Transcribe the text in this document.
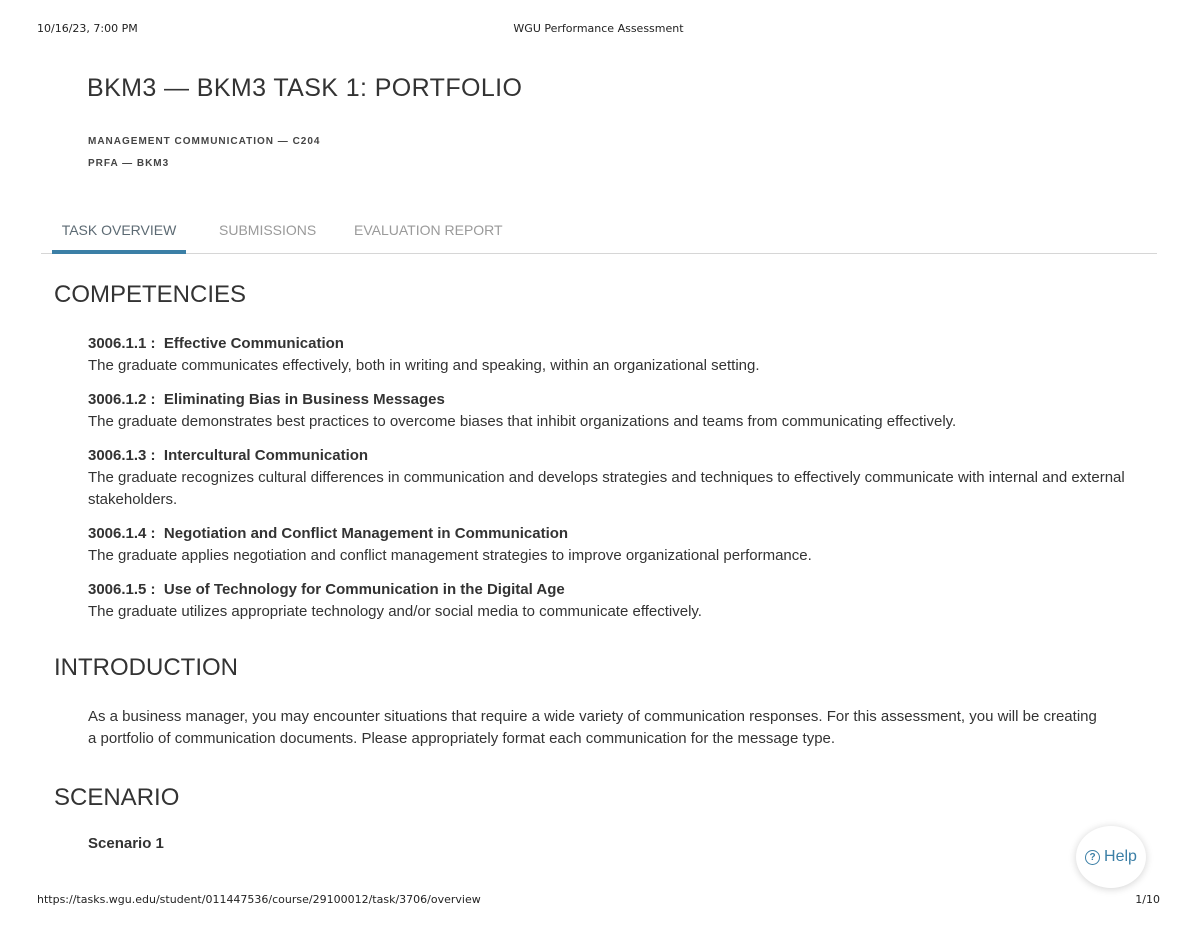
10/16/23, 7:00 PM	WGU Performance Assessment
BKM3 — BKM3 TASK 1: PORTFOLIO
MANAGEMENT COMMUNICATION — C204
PRFA — BKM3
TASK OVERVIEW	SUBMISSIONS	EVALUATION REPORT
COMPETENCIES
3006.1.1 : Effective Communication
The graduate communicates effectively, both in writing and speaking, within an organizational setting.
3006.1.2 : Eliminating Bias in Business Messages
The graduate demonstrates best practices to overcome biases that inhibit organizations and teams from communicating effectively.
3006.1.3 : Intercultural Communication
The graduate recognizes cultural differences in communication and develops strategies and techniques to effectively communicate with internal and external stakeholders.
3006.1.4 : Negotiation and Conflict Management in Communication
The graduate applies negotiation and conflict management strategies to improve organizational performance.
3006.1.5 : Use of Technology for Communication in the Digital Age
The graduate utilizes appropriate technology and/or social media to communicate effectively.
INTRODUCTION

As a business manager, you may encounter situations that require a wide variety of communication responses. For this assessment, you will be creating a portfolio of communication documents. Please appropriately format each communication for the message type.

SCENARIO
Scenario 1
? Help
https://tasks.wgu.edu/student/011447536/course/29100012/task/3706/overview	1/10
